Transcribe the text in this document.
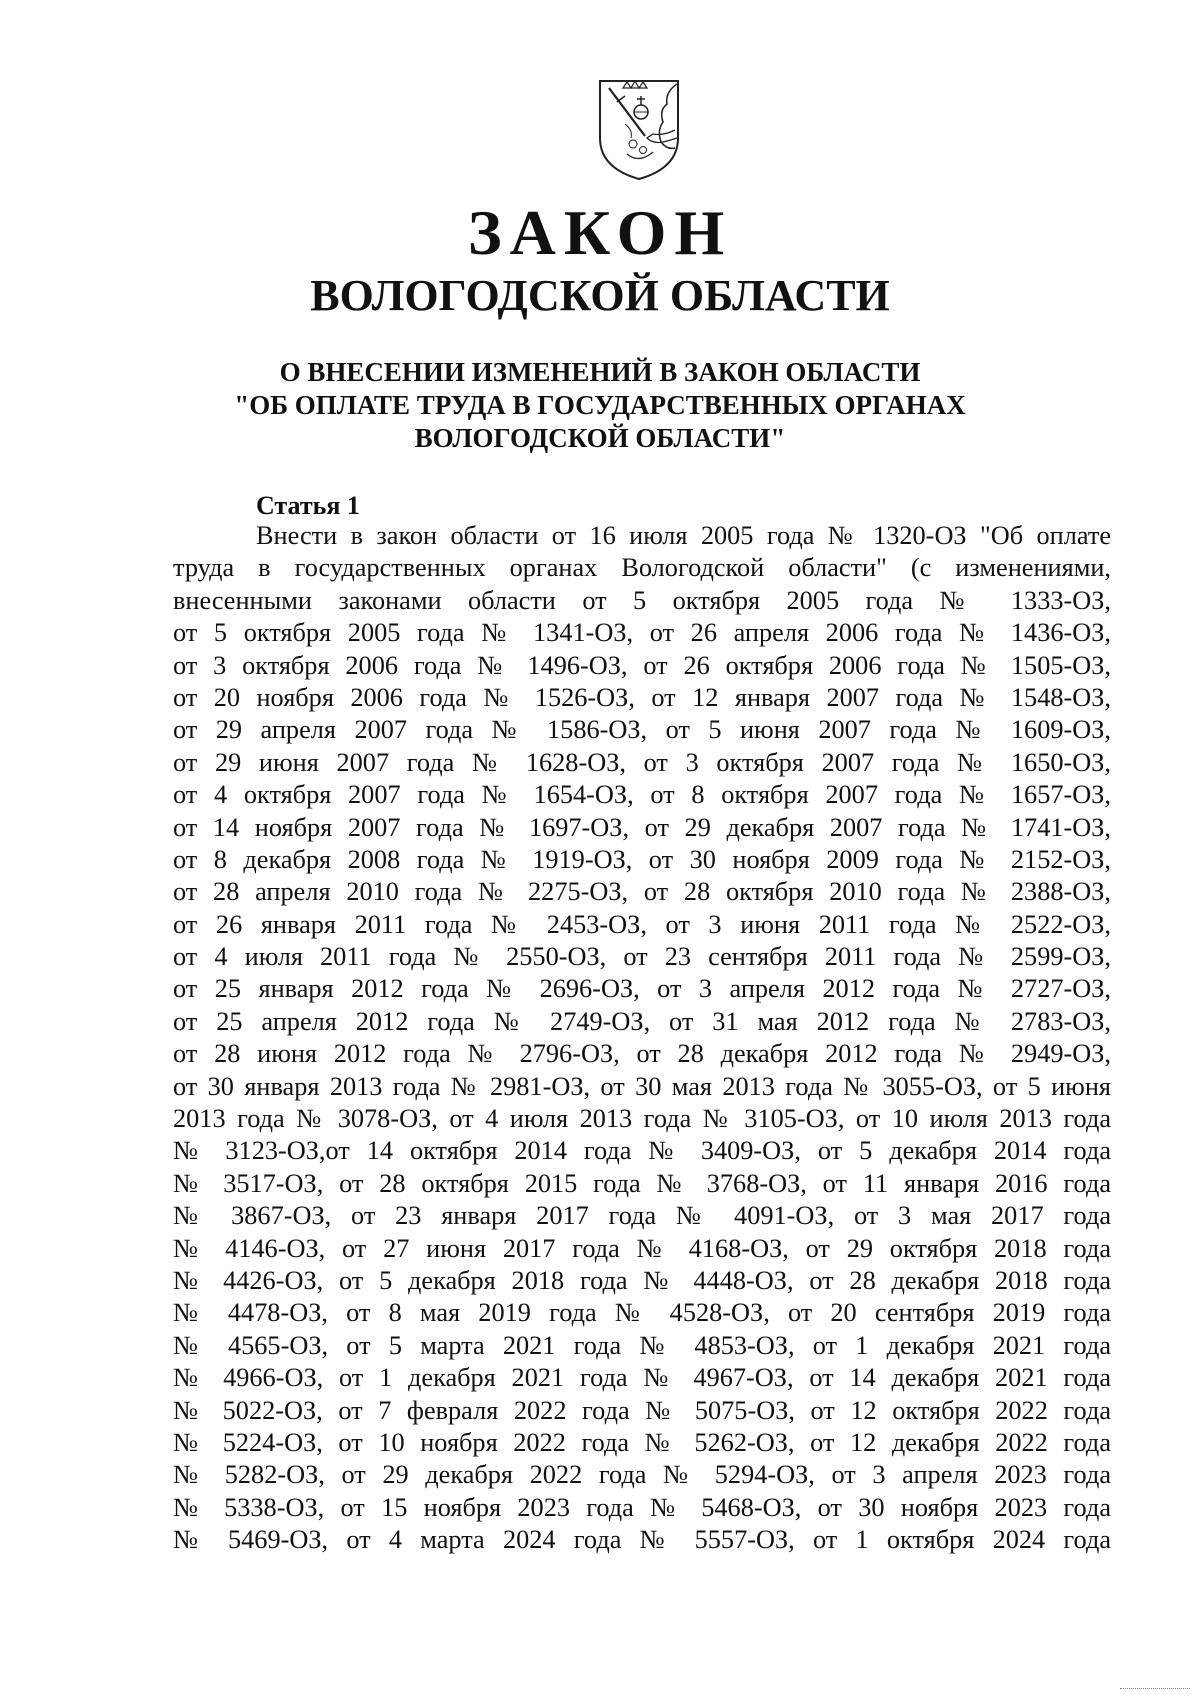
ЗАКОН
ВОЛОГОДСКОЙ ОБЛАСТИ
О ВНЕСЕНИИ ИЗМЕНЕНИЙ В ЗАКОН ОБЛАСТИ
"ОБ ОПЛАТЕ ТРУДА В ГОСУДАРСТВЕННЫХ ОРГАНАХ
ВОЛОГОДСКОЙ ОБЛАСТИ"
Статья 1
Внести в закон области от 16 июля 2005 года № 1320-ОЗ "Об оплате
труда в государственных органах Вологодской области" (с изменениями,
внесенными законами области от 5 октября 2005 года № 1333-ОЗ,
от 5 октября 2005 года № 1341-ОЗ, от 26 апреля 2006 года № 1436-ОЗ,
от 3 октября 2006 года № 1496-ОЗ, от 26 октября 2006 года № 1505-ОЗ,
от 20 ноября 2006 года № 1526-ОЗ, от 12 января 2007 года № 1548-ОЗ,
от 29 апреля 2007 года № 1586-ОЗ, от 5 июня 2007 года № 1609-ОЗ,
от 29 июня 2007 года № 1628-ОЗ, от 3 октября 2007 года № 1650-ОЗ,
от 4 октября 2007 года № 1654-ОЗ, от 8 октября 2007 года № 1657-ОЗ,
от 14 ноября 2007 года № 1697-ОЗ, от 29 декабря 2007 года № 1741-ОЗ,
от 8 декабря 2008 года № 1919-ОЗ, от 30 ноября 2009 года № 2152-ОЗ,
от 28 апреля 2010 года № 2275-ОЗ, от 28 октября 2010 года № 2388-ОЗ,
от 26 января 2011 года № 2453-ОЗ, от 3 июня 2011 года № 2522-ОЗ,
от 4 июля 2011 года № 2550-ОЗ, от 23 сентября 2011 года № 2599-ОЗ,
от 25 января 2012 года № 2696-ОЗ, от 3 апреля 2012 года № 2727-ОЗ,
от 25 апреля 2012 года № 2749-ОЗ, от 31 мая 2012 года № 2783-ОЗ,
от 28 июня 2012 года № 2796-ОЗ, от 28 декабря 2012 года № 2949-ОЗ,
от 30 января 2013 года № 2981-ОЗ, от 30 мая 2013 года № 3055-ОЗ, от 5 июня
2013 года № 3078-ОЗ, от 4 июля 2013 года № 3105-ОЗ, от 10 июля 2013 года
№ 3123-ОЗ,от 14 октября 2014 года № 3409-ОЗ, от 5 декабря 2014 года
№ 3517-ОЗ, от 28 октября 2015 года № 3768-ОЗ, от 11 января 2016 года
№ 3867-ОЗ, от 23 января 2017 года № 4091-ОЗ, от 3 мая 2017 года
№ 4146-ОЗ, от 27 июня 2017 года № 4168-ОЗ, от 29 октября 2018 года
№ 4426-ОЗ, от 5 декабря 2018 года № 4448-ОЗ, от 28 декабря 2018 года
№ 4478-ОЗ, от 8 мая 2019 года № 4528-ОЗ, от 20 сентября 2019 года
№ 4565-ОЗ, от 5 марта 2021 года № 4853-ОЗ, от 1 декабря 2021 года
№ 4966-ОЗ, от 1 декабря 2021 года № 4967-ОЗ, от 14 декабря 2021 года
№ 5022-ОЗ, от 7 февраля 2022 года № 5075-ОЗ, от 12 октября 2022 года
№ 5224-ОЗ, от 10 ноября 2022 года № 5262-ОЗ, от 12 декабря 2022 года
№ 5282-ОЗ, от 29 декабря 2022 года № 5294-ОЗ, от 3 апреля 2023 года
№ 5338-ОЗ, от 15 ноября 2023 года № 5468-ОЗ, от 30 ноября 2023 года
№ 5469-ОЗ, от 4 марта 2024 года № 5557-ОЗ, от 1 октября 2024 года
